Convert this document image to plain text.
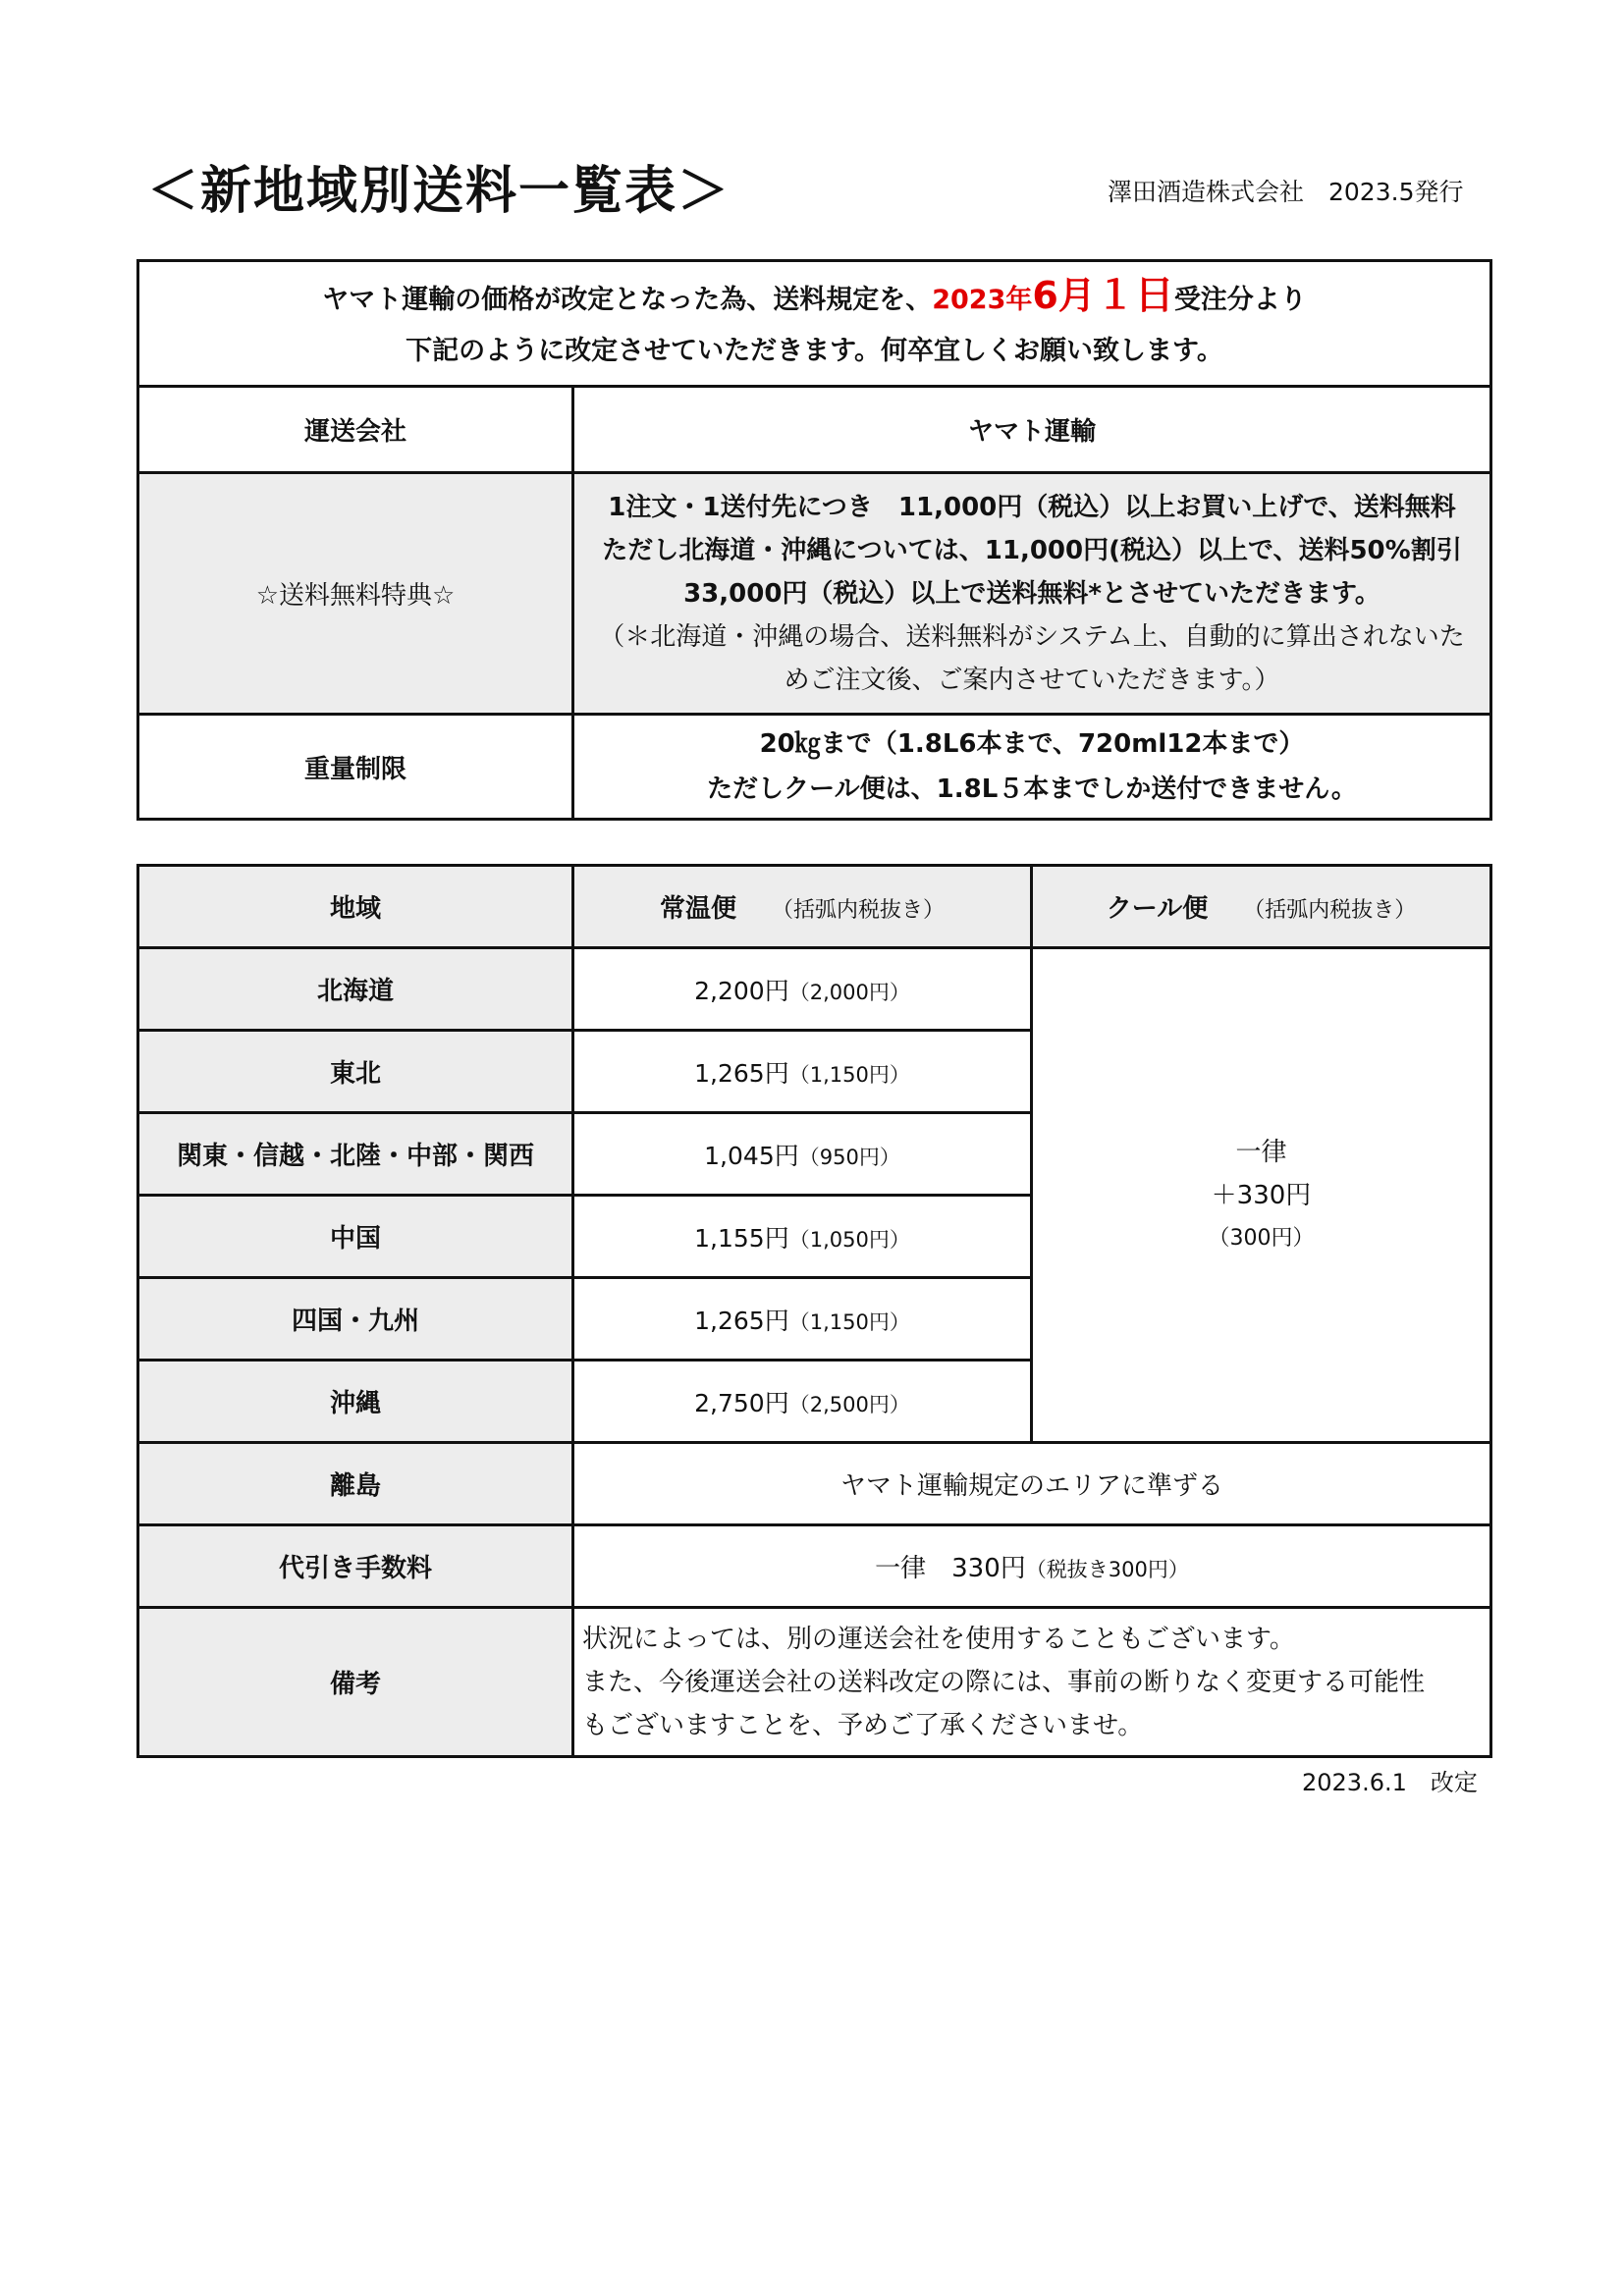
＜新地域別送料一覧表＞	澤田酒造株式会社　2023.5発行
ヤマト運輸の価格が改定となった為、送料規定を、2023年6月１日受注分より
下記のように改定させていただきます。何卒宜しくお願い致します。	

運送会社	ヤマト運輸
☆送料無料特典☆	1注文・1送付先につき　11,000円（税込）以上お買い上げで、送料無料
ただし北海道・沖縄については、11,000円(税込）以上で、送料50%割引
33,000円（税込）以上で送料無料*とさせていただきます。
（＊北海道・沖縄の場合、送料無料がシステム上、自動的に算出されないた
めご注文後、ご案内させていただきます。）

重量制限	20㎏まで（1.8L6本まで、720ml12本まで）
ただしクール便は、1.8L５本までしか送付できません。
地域	常温便 （括弧内税抜き）	クール便 （括弧内税抜き）
北海道	2,200円（2,000円）	一律
＋330円
（300円）

東北	1,265円（1,150円）	
関東・信越・北陸・中部・関西	1,045円（950円）	
中国	1,155円（1,050円）	
四国・九州	1,265円（1,150円）	
沖縄	2,750円（2,500円）	
離島	ヤマト運輸規定のエリアに準ずる	
代引き手数料	一律　330円（税抜き300円）	
備考	状況によっては、別の運送会社を使用することもございます。
また、今後運送会社の送料改定の際には、事前の断りなく変更する可能性
もございますことを、予めご了承くださいませ。	
2023.6.1　改定
